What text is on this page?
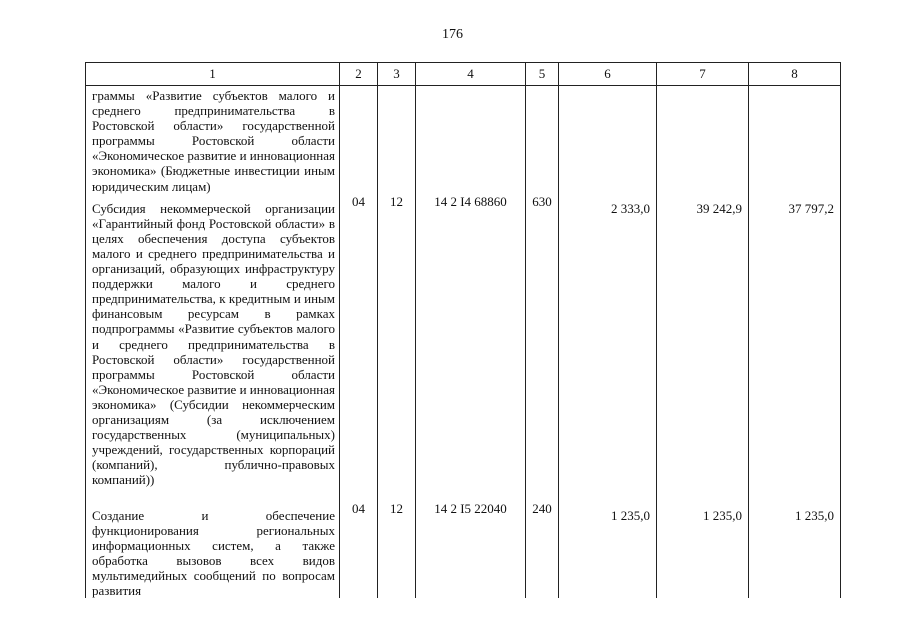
176
1	2	3	4	5	6	7	8
граммы «Развитие субъектов малого и среднего предпринимательства в Ростовской области» государственной программы Ростовской области «Экономическое развитие и инновационная экономика» (Бюджетные инвестиции иным юридическим лицам)							
Субсидия некоммерческой организации «Гарантийный фонд Ростовской области» в целях обеспечения доступа субъектов малого и среднего предпринимательства и организаций, образующих инфраструктуру поддержки малого и среднего предпринимательства, к кредитным и иным финансовым ресурсам в рамках подпрограммы «Развитие субъектов малого и среднего предпринимательства в Ростовской области» государственной программы Ростовской области «Экономическое развитие и инновационная экономика» (Субсидии некоммерческим организациям (за исключением государственных (муниципальных) учреждений, государственных корпораций (компаний), публично-правовых компаний))	04	12	14 2 I4 68860	630	2 333,0	39 242,9	37 797,2
Создание и обеспечение функционирования региональных информационных систем, а также обработка вызовов всех видов мультимедийных сообщений по вопросам развития	04	12	14 2 I5 22040	240	1 235,0	1 235,0	1 235,0
